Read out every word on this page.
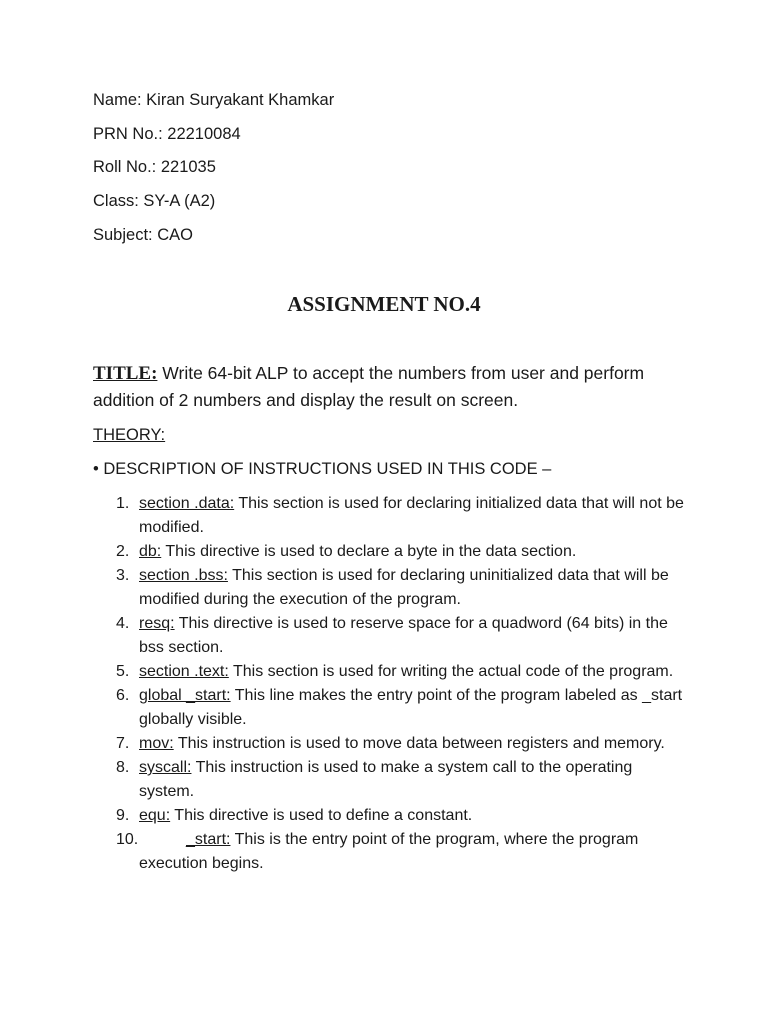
Name: Kiran Suryakant Khamkar
PRN No.: 22210084
Roll No.: 221035
Class: SY-A (A2)
Subject: CAO
ASSIGNMENT NO.4
TITLE: Write 64-bit ALP to accept the numbers from user and perform addition of 2 numbers and display the result on screen.
THEORY:
• DESCRIPTION OF INSTRUCTIONS USED IN THIS CODE –
1. section .data: This section is used for declaring initialized data that will not be modified.
2. db: This directive is used to declare a byte in the data section.
3. section .bss: This section is used for declaring uninitialized data that will be modified during the execution of the program.
4. resq: This directive is used to reserve space for a quadword (64 bits) in the bss section.
5. section .text: This section is used for writing the actual code of the program.
6. global _start: This line makes the entry point of the program labeled as _start globally visible.
7. mov: This instruction is used to move data between registers and memory.
8. syscall: This instruction is used to make a system call to the operating system.
9. equ: This directive is used to define a constant.
10.	_start: This is the entry point of the program, where the program execution begins.
